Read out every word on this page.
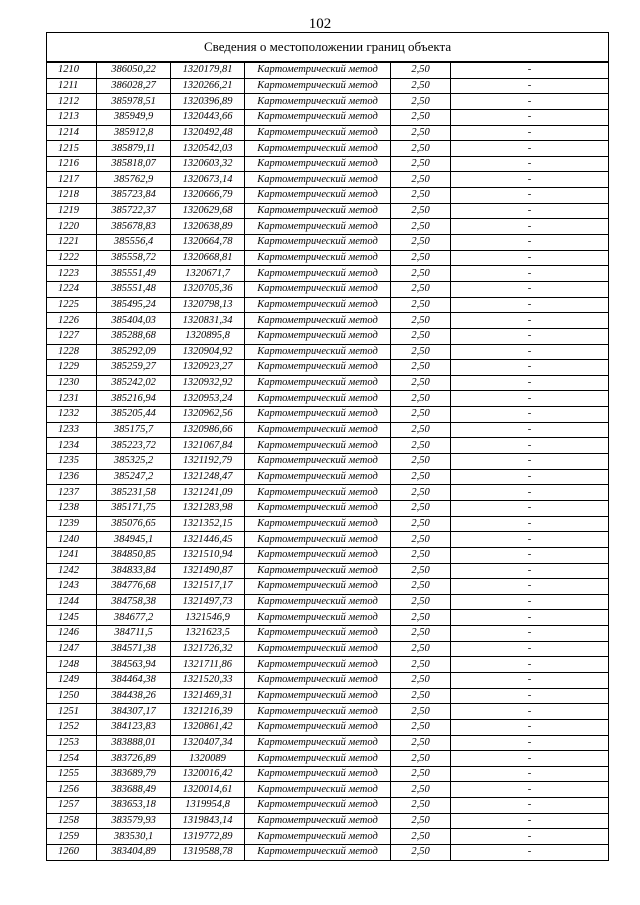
102
Сведения о местоположении границ объекта					
1210	386050,22	1320179,81	Картометрический метод	2,50	-
1211	386028,27	1320266,21	Картометрический метод	2,50	-
1212	385978,51	1320396,89	Картометрический метод	2,50	-
1213	385949,9	1320443,66	Картометрический метод	2,50	-
1214	385912,8	1320492,48	Картометрический метод	2,50	-
1215	385879,11	1320542,03	Картометрический метод	2,50	-
1216	385818,07	1320603,32	Картометрический метод	2,50	-
1217	385762,9	1320673,14	Картометрический метод	2,50	-
1218	385723,84	1320666,79	Картометрический метод	2,50	-
1219	385722,37	1320629,68	Картометрический метод	2,50	-
1220	385678,83	1320638,89	Картометрический метод	2,50	-
1221	385556,4	1320664,78	Картометрический метод	2,50	-
1222	385558,72	1320668,81	Картометрический метод	2,50	-
1223	385551,49	1320671,7	Картометрический метод	2,50	-
1224	385551,48	1320705,36	Картометрический метод	2,50	-
1225	385495,24	1320798,13	Картометрический метод	2,50	-
1226	385404,03	1320831,34	Картометрический метод	2,50	-
1227	385288,68	1320895,8	Картометрический метод	2,50	-
1228	385292,09	1320904,92	Картометрический метод	2,50	-
1229	385259,27	1320923,27	Картометрический метод	2,50	-
1230	385242,02	1320932,92	Картометрический метод	2,50	-
1231	385216,94	1320953,24	Картометрический метод	2,50	-
1232	385205,44	1320962,56	Картометрический метод	2,50	-
1233	385175,7	1320986,66	Картометрический метод	2,50	-
1234	385223,72	1321067,84	Картометрический метод	2,50	-
1235	385325,2	1321192,79	Картометрический метод	2,50	-
1236	385247,2	1321248,47	Картометрический метод	2,50	-
1237	385231,58	1321241,09	Картометрический метод	2,50	-
1238	385171,75	1321283,98	Картометрический метод	2,50	-
1239	385076,65	1321352,15	Картометрический метод	2,50	-
1240	384945,1	1321446,45	Картометрический метод	2,50	-
1241	384850,85	1321510,94	Картометрический метод	2,50	-
1242	384833,84	1321490,87	Картометрический метод	2,50	-
1243	384776,68	1321517,17	Картометрический метод	2,50	-
1244	384758,38	1321497,73	Картометрический метод	2,50	-
1245	384677,2	1321546,9	Картометрический метод	2,50	-
1246	384711,5	1321623,5	Картометрический метод	2,50	-
1247	384571,38	1321726,32	Картометрический метод	2,50	-
1248	384563,94	1321711,86	Картометрический метод	2,50	-
1249	384464,38	1321520,33	Картометрический метод	2,50	-
1250	384438,26	1321469,31	Картометрический метод	2,50	-
1251	384307,17	1321216,39	Картометрический метод	2,50	-
1252	384123,83	1320861,42	Картометрический метод	2,50	-
1253	383888,01	1320407,34	Картометрический метод	2,50	-
1254	383726,89	1320089	Картометрический метод	2,50	-
1255	383689,79	1320016,42	Картометрический метод	2,50	-
1256	383688,49	1320014,61	Картометрический метод	2,50	-
1257	383653,18	1319954,8	Картометрический метод	2,50	-
1258	383579,93	1319843,14	Картометрический метод	2,50	-
1259	383530,1	1319772,89	Картометрический метод	2,50	-
1260	383404,89	1319588,78	Картометрический метод	2,50	-
